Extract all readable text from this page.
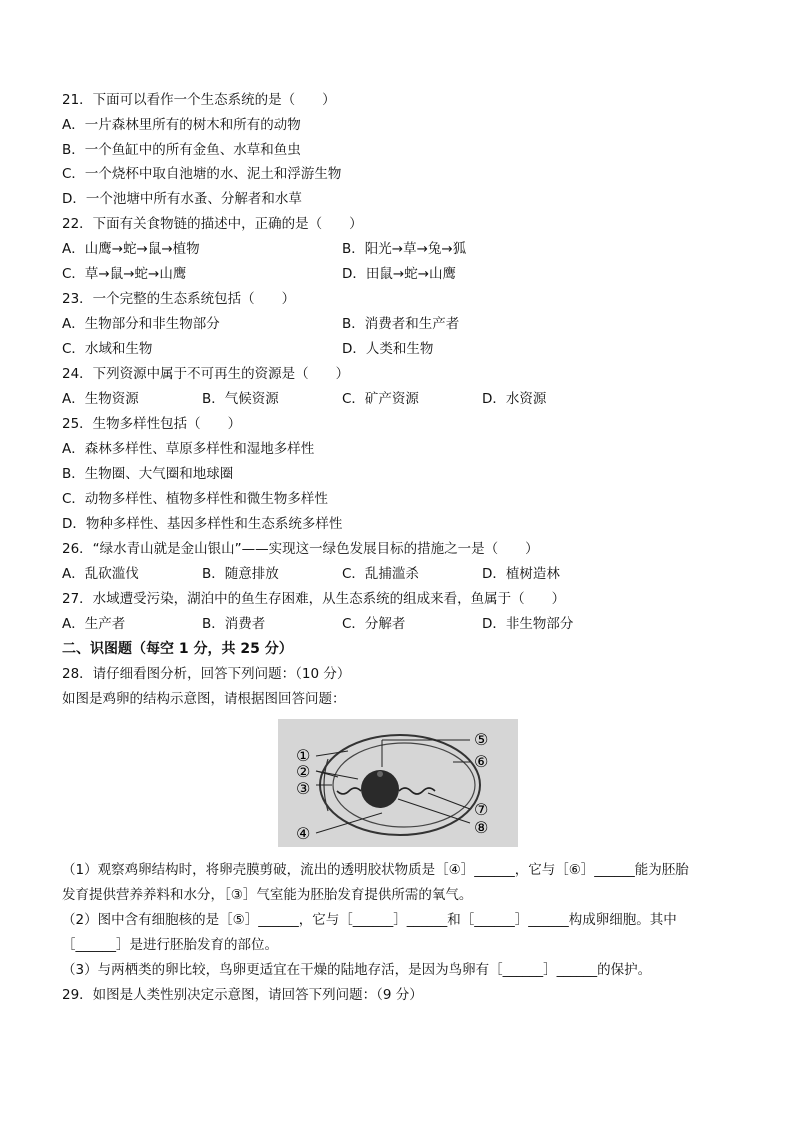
21．下面可以看作一个生态系统的是（　　）
A．一片森林里所有的树木和所有的动物
B．一个鱼缸中的所有金鱼、水草和鱼虫
C．一个烧杯中取自池塘的水、泥土和浮游生物
D．一个池塘中所有水蚤、分解者和水草
22．下面有关食物链的描述中，正确的是（　　）
A．山鹰→蛇→鼠→植物	B．阳光→草→兔→狐
C．草→鼠→蛇→山鹰	D．田鼠→蛇→山鹰
23．一个完整的生态系统包括（　　）
A．生物部分和非生物部分	B．消费者和生产者
C．水域和生物	D．人类和生物
24．下列资源中属于不可再生的资源是（　　）
A．生物资源	B．气候资源	C．矿产资源	D．水资源
25．生物多样性包括（　　）
A．森林多样性、草原多样性和湿地多样性
B．生物圈、大气圈和地球圈
C．动物多样性、植物多样性和微生物多样性
D．物种多样性、基因多样性和生态系统多样性
26．“绿水青山就是金山银山”——实现这一绿色发展目标的措施之一是（　　）
A．乱砍滥伐	B．随意排放	C．乱捕滥杀	D．植树造林
27．水域遭受污染，湖泊中的鱼生存困难，从生态系统的组成来看，鱼属于（　　）
A．生产者	B．消费者	C．分解者	D．非生物部分
二、识图题（每空 1 分，共 25 分）
28．请仔细看图分析，回答下列问题：（10 分）
如图是鸡卵的结构示意图，请根据图回答问题：
①
②
③
④
⑤
⑥
⑦
⑧
（1）观察鸡卵结构时，将卵壳膜剪破，流出的透明胶状物质是［④］______，它与［⑥］______能为胚胎
发育提供营养养料和水分，［③］气室能为胚胎发育提供所需的氧气。
（2）图中含有细胞核的是［⑤］______，它与［______］______和［______］______构成卵细胞。其中
［______］是进行胚胎发育的部位。
（3）与两栖类的卵比较，鸟卵更适宜在干燥的陆地存活，是因为鸟卵有［______］______的保护。
29．如图是人类性别决定示意图，请回答下列问题：（9 分）
